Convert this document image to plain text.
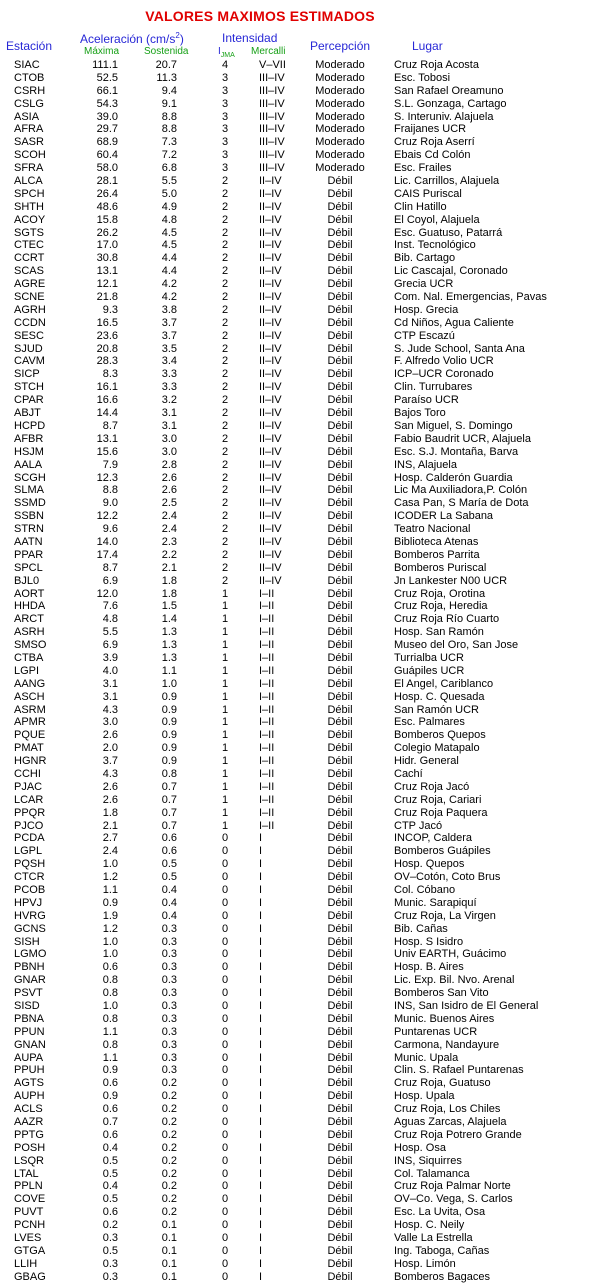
VALORES MAXIMOS ESTIMADOS
Estación Aceleración $(cm/s^2)$
Máxima Sostenida
Intensidad
$I_{JMA}$ Mercalli Percepción	Lugar
SIAC	111.1	20.7	4	V–VII	Moderado	Cruz Roja Acosta
CTOB	52.5	11.3	3	III–IV	Moderado	Esc. Tobosi
CSRH	66.1	9.4	3	III–IV	Moderado	San Rafael Oreamuno
CSLG	54.3	9.1	3	III–IV	Moderado	S.L. Gonzaga, Cartago
ASIA	39.0	8.8	3	III–IV	Moderado	S. Interuniv. Alajuela
AFRA	29.7	8.8	3	III–IV	Moderado	Fraijanes UCR
SASR	68.9	7.3	3	III–IV	Moderado	Cruz Roja Aserrí
SCOH	60.4	7.2	3	III–IV	Moderado	Ebais Cd Colón
SFRA	58.0	6.8	3	III–IV	Moderado	Esc. Frailes
ALCA	28.1	5.5	2	II–IV	Débil	Lic. Carrillos, Alajuela
SPCH	26.4	5.0	2	II–IV	Débil	CAIS Puriscal
SHTH	48.6	4.9	2	II–IV	Débil	Clin Hatillo
ACOY	15.8	4.8	2	II–IV	Débil	El Coyol, Alajuela
SGTS	26.2	4.5	2	II–IV	Débil	Esc. Guatuso, Patarrá
CTEC	17.0	4.5	2	II–IV	Débil	Inst. Tecnológico
CCRT	30.8	4.4	2	II–IV	Débil	Bib. Cartago
SCAS	13.1	4.4	2	II–IV	Débil	Lic Cascajal, Coronado
AGRE	12.1	4.2	2	II–IV	Débil	Grecia UCR
SCNE	21.8	4.2	2	II–IV	Débil	Com. Nal. Emergencias, Pavas
AGRH	9.3	3.8	2	II–IV	Débil	Hosp. Grecia
CCDN	16.5	3.7	2	II–IV	Débil	Cd Niños, Agua Caliente
SESC	23.6	3.7	2	II–IV	Débil	CTP Escazú
SJUD	20.8	3.5	2	II–IV	Débil	S. Jude School, Santa Ana
CAVM	28.3	3.4	2	II–IV	Débil	F. Alfredo Volio UCR
SICP	8.3	3.3	2	II–IV	Débil	ICP–UCR Coronado
STCH	16.1	3.3	2	II–IV	Débil	Clin. Turrubares
CPAR	16.6	3.2	2	II–IV	Débil	Paraíso UCR
ABJT	14.4	3.1	2	II–IV	Débil	Bajos Toro
HCPD	8.7	3.1	2	II–IV	Débil	San Miguel, S. Domingo
AFBR	13.1	3.0	2	II–IV	Débil	Fabio Baudrit UCR, Alajuela
HSJM	15.6	3.0	2	II–IV	Débil	Esc. S.J. Montaña, Barva
AALA	7.9	2.8	2	II–IV	Débil	INS, Alajuela
SCGH	12.3	2.6	2	II–IV	Débil	Hosp. Calderón Guardia
SLMA	8.8	2.6	2	II–IV	Débil	Lic Ma Auxiliadora,P. Colón
SSMD	9.0	2.5	2	II–IV	Débil	Casa Pan, S María de Dota
SSBN	12.2	2.4	2	II–IV	Débil	ICODER La Sabana
STRN	9.6	2.4	2	II–IV	Débil	Teatro Nacional
AATN	14.0	2.3	2	II–IV	Débil	Biblioteca Atenas
PPAR	17.4	2.2	2	II–IV	Débil	Bomberos Parrita
SPCL	8.7	2.1	2	II–IV	Débil	Bomberos Puriscal
BJL0	6.9	1.8	2	II–IV	Débil	Jn Lankester N00 UCR
AORT	12.0	1.8	1	I–II	Débil	Cruz Roja, Orotina
HHDA	7.6	1.5	1	I–II	Débil	Cruz Roja, Heredia
ARCT	4.8	1.4	1	I–II	Débil	Cruz Roja Río Cuarto
ASRH	5.5	1.3	1	I–II	Débil	Hosp. San Ramón
SMSO	6.9	1.3	1	I–II	Débil	Museo del Oro, San Jose
CTBA	3.9	1.3	1	I–II	Débil	Turrialba UCR
LGPI	4.0	1.1	1	I–II	Débil	Guápiles UCR
AANG	3.1	1.0	1	I–II	Débil	El Angel, Cariblanco
ASCH	3.1	0.9	1	I–II	Débil	Hosp. C. Quesada
ASRM	4.3	0.9	1	I–II	Débil	San Ramón UCR
APMR	3.0	0.9	1	I–II	Débil	Esc. Palmares
PQUE	2.6	0.9	1	I–II	Débil	Bomberos Quepos
PMAT	2.0	0.9	1	I–II	Débil	Colegio Matapalo
HGNR	3.7	0.9	1	I–II	Débil	Hidr. General
CCHI	4.3	0.8	1	I–II	Débil	Cachí
PJAC	2.6	0.7	1	I–II	Débil	Cruz Roja Jacó
LCAR	2.6	0.7	1	I–II	Débil	Cruz Roja, Cariari
PPQR	1.8	0.7	1	I–II	Débil	Cruz Roja Paquera
PJCO	2.1	0.7	1	I–II	Débil	CTP Jacó
PCDA	2.7	0.6	0	I	Débil	INCOP, Caldera
LGPL	2.4	0.6	0	I	Débil	Bomberos Guápiles
PQSH	1.0	0.5	0	I	Débil	Hosp. Quepos
CTCR	1.2	0.5	0	I	Débil	OV–Cotón, Coto Brus
PCOB	1.1	0.4	0	I	Débil	Col. Cóbano
HPVJ	0.9	0.4	0	I	Débil	Munic. Sarapiquí
HVRG	1.9	0.4	0	I	Débil	Cruz Roja, La Virgen
GCNS	1.2	0.3	0	I	Débil	Bib. Cañas
SISH	1.0	0.3	0	I	Débil	Hosp. S Isidro
LGMO	1.0	0.3	0	I	Débil	Univ EARTH, Guácimo
PBNH	0.6	0.3	0	I	Débil	Hosp. B. Aires
GNAR	0.8	0.3	0	I	Débil	Lic. Exp. Bil. Nvo. Arenal
PSVT	0.8	0.3	0	I	Débil	Bomberos San Vito
SISD	1.0	0.3	0	I	Débil	INS, San Isidro de El General
PBNA	0.8	0.3	0	I	Débil	Munic. Buenos Aires
PPUN	1.1	0.3	0	I	Débil	Puntarenas UCR
GNAN	0.8	0.3	0	I	Débil	Carmona, Nandayure
AUPA	1.1	0.3	0	I	Débil	Munic. Upala
PPUH	0.9	0.3	0	I	Débil	Clin. S. Rafael Puntarenas
AGTS	0.6	0.2	0	I	Débil	Cruz Roja, Guatuso
AUPH	0.9	0.2	0	I	Débil	Hosp. Upala
ACLS	0.6	0.2	0	I	Débil	Cruz Roja, Los Chiles
AAZR	0.7	0.2	0	I	Débil	Aguas Zarcas, Alajuela
PPTG	0.6	0.2	0	I	Débil	Cruz Roja Potrero Grande
POSH	0.4	0.2	0	I	Débil	Hosp. Osa
LSQR	0.5	0.2	0	I	Débil	INS, Siquirres
LTAL	0.5	0.2	0	I	Débil	Col. Talamanca
PPLN	0.4	0.2	0	I	Débil	Cruz Roja Palmar Norte
COVE	0.5	0.2	0	I	Débil	OV–Co. Vega, S. Carlos
PUVT	0.6	0.2	0	I	Débil	Esc. La Uvita, Osa
PCNH	0.2	0.1	0	I	Débil	Hosp. C. Neily
LVES	0.3	0.1	0	I	Débil	Valle La Estrella
GTGA	0.5	0.1	0	I	Débil	Ing. Taboga, Cañas
LLIH	0.3	0.1	0	I	Débil	Hosp. Limón
GBAG	0.3	0.1	0	I	Débil	Bomberos Bagaces
